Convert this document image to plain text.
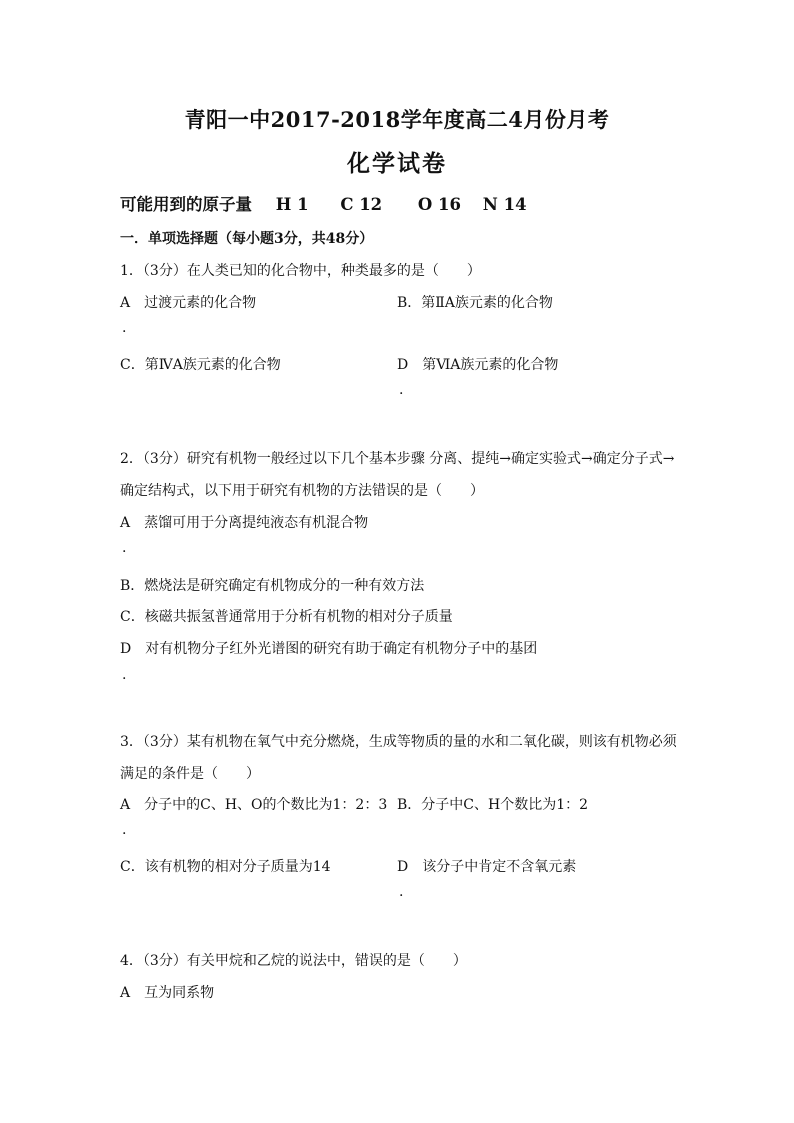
青阳一中2017-2018学年度高二4月份月考
化学试卷
可能用到的原子量 H 1 C 12 O 16 N 14
一．单项选择题（每小题3分，共48分）
1．（3分）在人类已知的化合物中，种类最多的是（　　）
A　过渡元素的化合物	B．第ⅡA族元素的化合物
.
C．第ⅣA族元素的化合物	D　第ⅥA族元素的化合物
.
2．（3分）研究有机物一般经过以下几个基本步骤 分离、提纯→确定实验式→确定分子式→
确定结构式，以下用于研究有机物的方法错误的是（　　）
A　蒸馏可用于分离提纯液态有机混合物
.
B．燃烧法是研究确定有机物成分的一种有效方法
C．核磁共振氢普通常用于分析有机物的相对分子质量
D　对有机物分子红外光谱图的研究有助于确定有机物分子中的基团
.
3．（3分）某有机物在氧气中充分燃烧，生成等物质的量的水和二氧化碳，则该有机物必须
满足的条件是（　　）
A　分子中的C、H、O的个数比为1：2：3 B．分子中C、H个数比为1：2
.
C．该有机物的相对分子质量为14	D　该分子中肯定不含氧元素
.
4．（3分）有关甲烷和乙烷的说法中，错误的是（　　）
A　互为同系物
